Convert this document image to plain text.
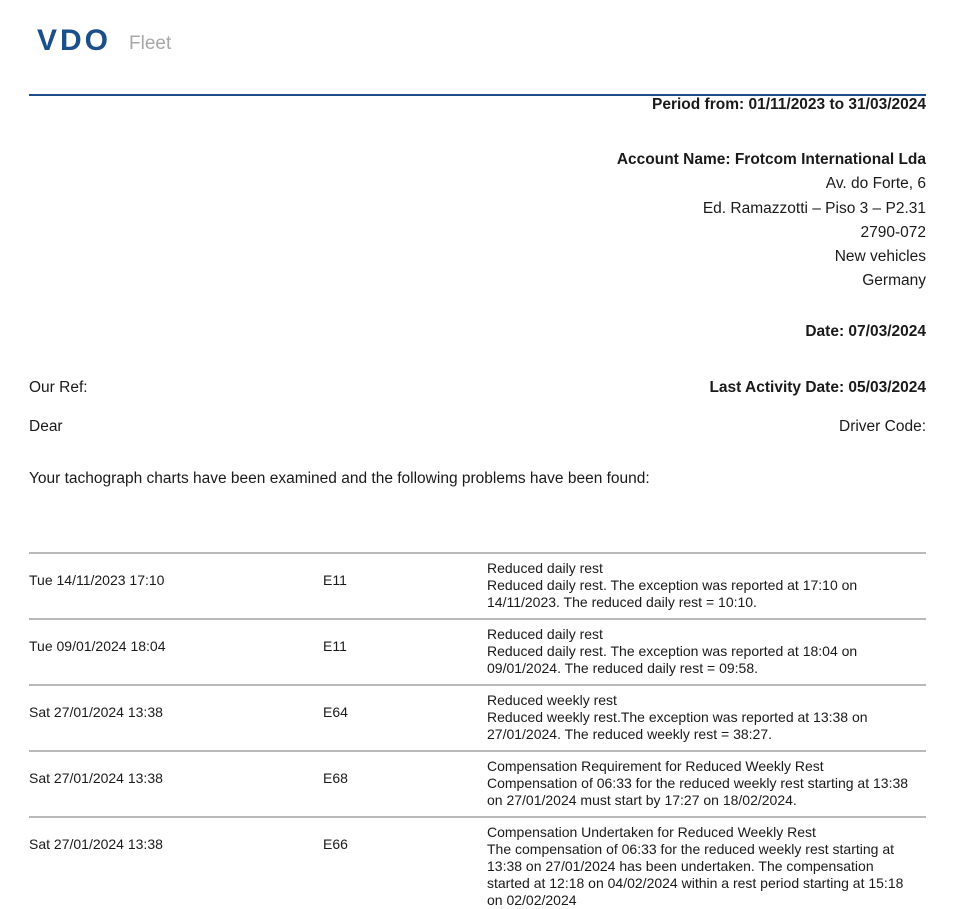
VDO Fleet
Period from: 01/11/2023 to 31/03/2024
Account Name: Frotcom International Lda
Av. do Forte, 6
Ed. Ramazzotti – Piso 3 – P2.31
2790-072
New vehicles
Germany
Date: 07/03/2024
Our Ref:	Last Activity Date: 05/03/2024
Dear	Driver Code:
Your tachograph charts have been examined and the following problems have been found:
Tue 14/11/2023 17:10	E11
Reduced daily rest
Reduced daily rest. The exception was reported at 17:10 on
14/11/2023. The reduced daily rest = 10:10.
Tue 09/01/2024 18:04	E11
Reduced daily rest
Reduced daily rest. The exception was reported at 18:04 on
09/01/2024. The reduced daily rest = 09:58.
Sat 27/01/2024 13:38	E64
Reduced weekly rest
Reduced weekly rest.The exception was reported at 13:38 on
27/01/2024. The reduced weekly rest = 38:27.
Sat 27/01/2024 13:38	E68
Compensation Requirement for Reduced Weekly Rest
Compensation of 06:33 for the reduced weekly rest starting at 13:38
on 27/01/2024 must start by 17:27 on 18/02/2024.
Sat 27/01/2024 13:38	E66
Compensation Undertaken for Reduced Weekly Rest
The compensation of 06:33 for the reduced weekly rest starting at
13:38 on 27/01/2024 has been undertaken. The compensation
started at 12:18 on 04/02/2024 within a rest period starting at 15:18
on 02/02/2024
